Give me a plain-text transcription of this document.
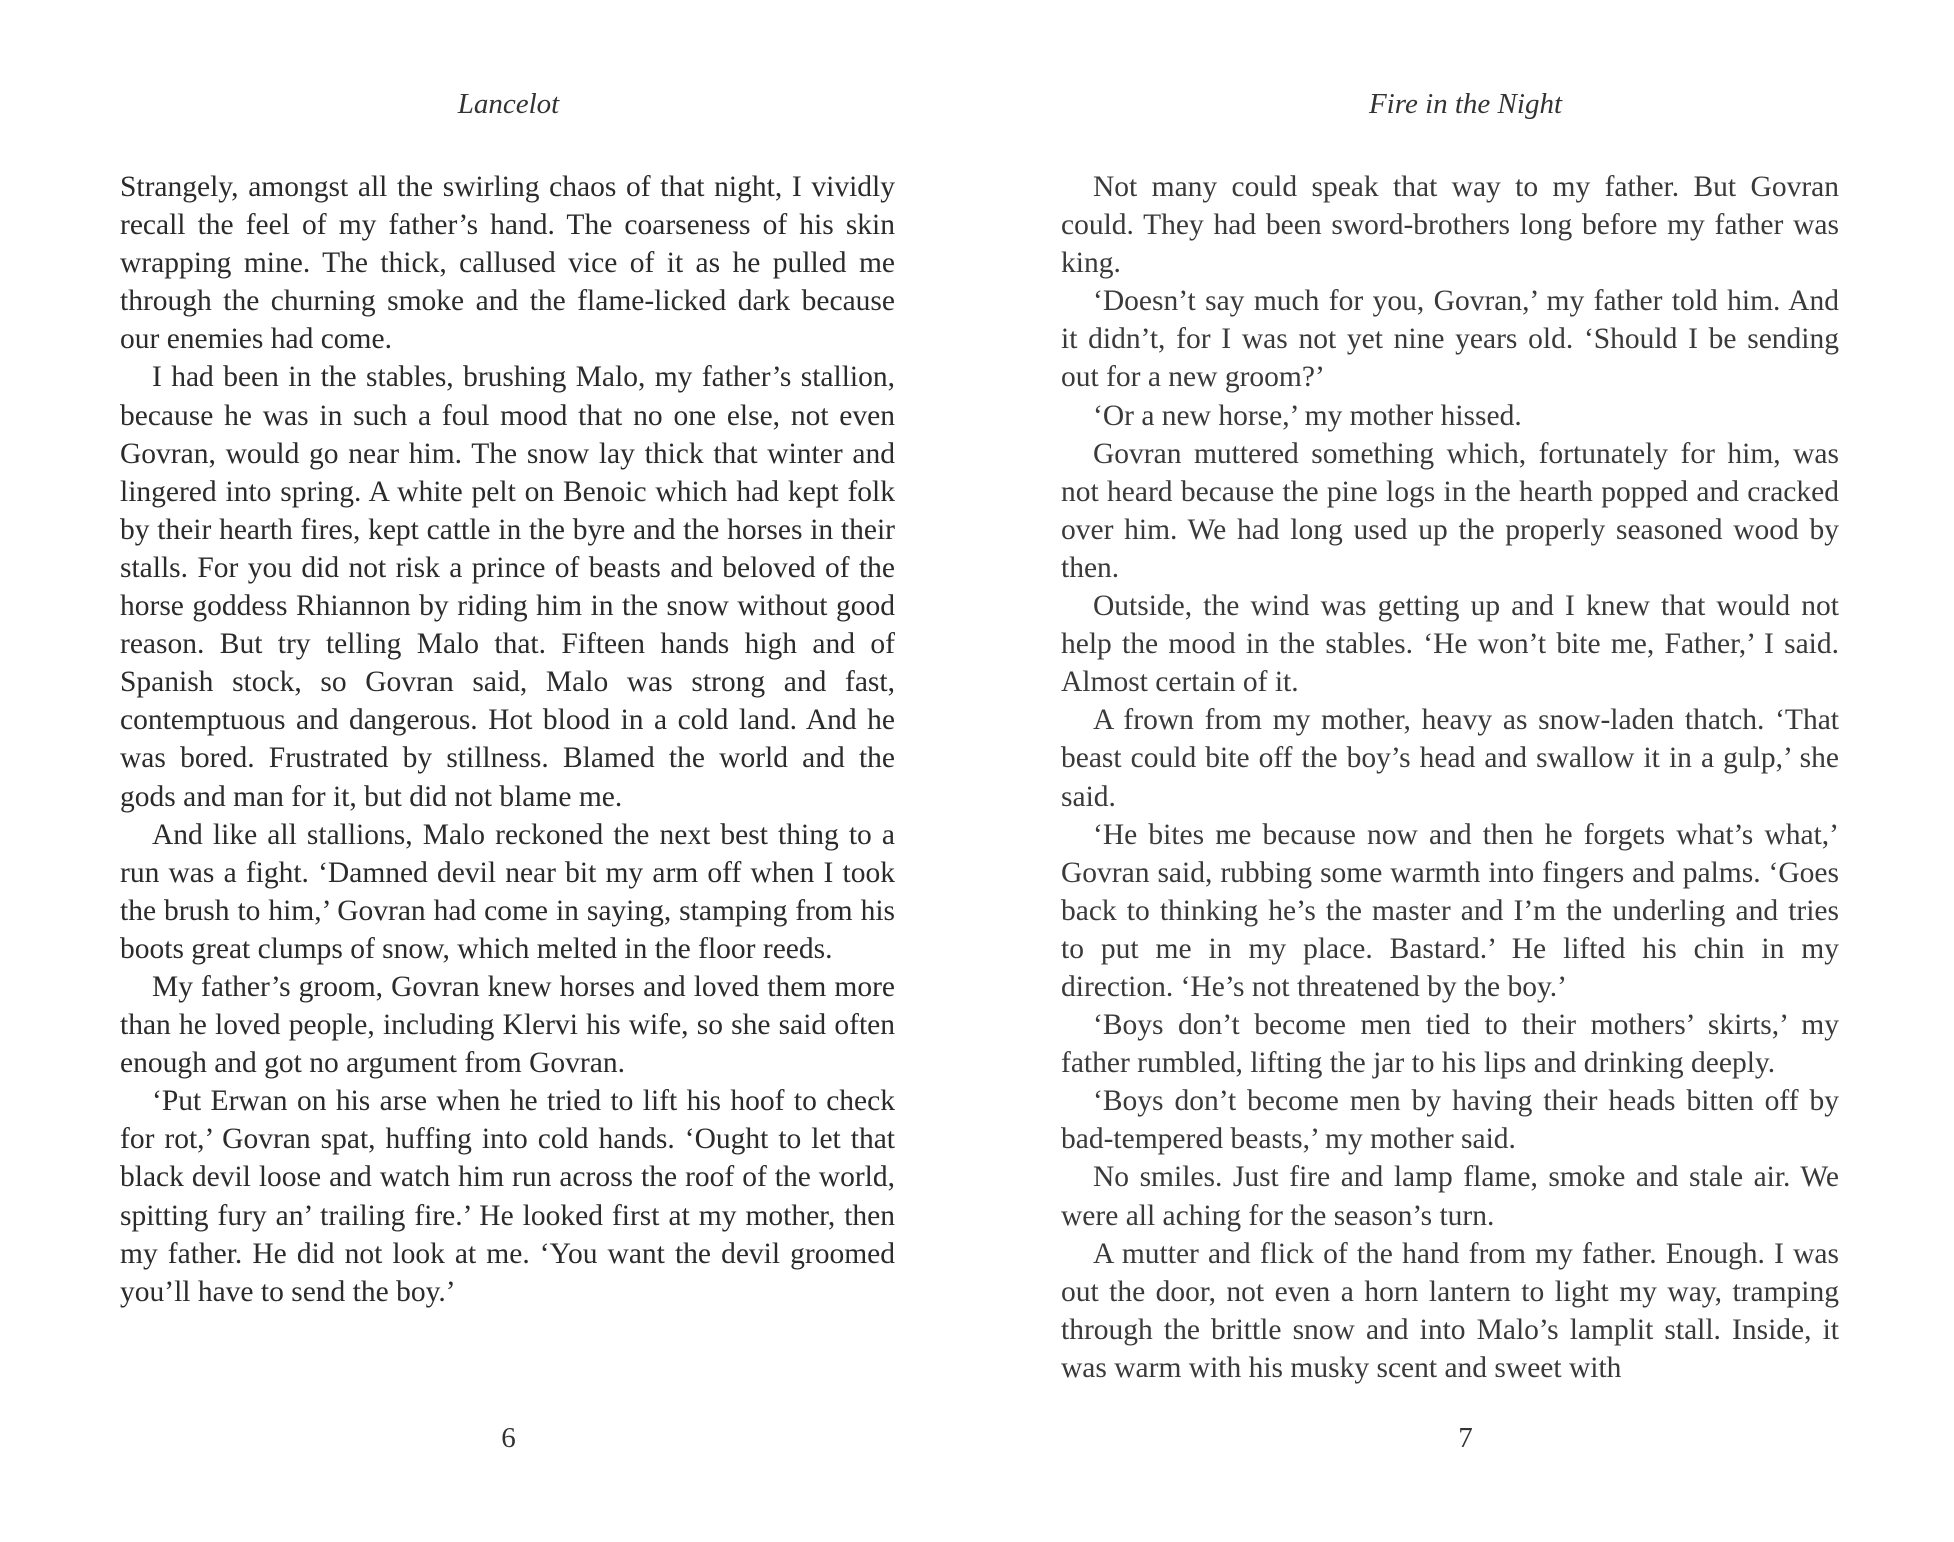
Lancelot

Strangely, amongst all the swirling chaos of that night, I vividly recall the feel of my father’s hand. The coarseness of his skin wrapping mine. The thick, callused vice of it as he pulled me through the churning smoke and the flame-licked dark because our enemies had come.

I had been in the stables, brushing Malo, my father’s stallion, because he was in such a foul mood that no one else, not even Govran, would go near him. The snow lay thick that winter and lingered into spring. A white pelt on Benoic which had kept folk by their hearth fires, kept cattle in the byre and the horses in their stalls. For you did not risk a prince of beasts and beloved of the horse goddess Rhiannon by riding him in the snow without good reason. But try telling Malo that. Fifteen hands high and of Spanish stock, so Govran said, Malo was strong and fast, contemptuous and dangerous. Hot blood in a cold land. And he was bored. Frustrated by stillness. Blamed the world and the gods and man for it, but did not blame me.

And like all stallions, Malo reckoned the next best thing to a run was a fight. ‘Damned devil near bit my arm off when I took the brush to him,’ Govran had come in saying, stamping from his boots great clumps of snow, which melted in the floor reeds.

My father’s groom, Govran knew horses and loved them more than he loved people, including Klervi his wife, so she said often enough and got no argument from Govran.

‘Put Erwan on his arse when he tried to lift his hoof to check for rot,’ Govran spat, huffing into cold hands. ‘Ought to let that black devil loose and watch him run across the roof of the world, spitting fury an’ trailing fire.’ He looked first at my mother, then my father. He did not look at me. ‘You want the devil groomed you’ll have to send the boy.’

6
Fire in the Night

Not many could speak that way to my father. But Govran could. They had been sword-brothers long before my father was king.

‘Doesn’t say much for you, Govran,’ my father told him. And it didn’t, for I was not yet nine years old. ‘Should I be sending out for a new groom?’

‘Or a new horse,’ my mother hissed.

Govran muttered something which, fortunately for him, was not heard because the pine logs in the hearth popped and cracked over him. We had long used up the properly seasoned wood by then.

Outside, the wind was getting up and I knew that would not help the mood in the stables. ‘He won’t bite me, Father,’ I said. Almost certain of it.

A frown from my mother, heavy as snow-laden thatch. ‘That beast could bite off the boy’s head and swallow it in a gulp,’ she said.

‘He bites me because now and then he forgets what’s what,’ Govran said, rubbing some warmth into fingers and palms. ‘Goes back to thinking he’s the master and I’m the underling and tries to put me in my place. Bastard.’ He lifted his chin in my direction. ‘He’s not threatened by the boy.’

‘Boys don’t become men tied to their mothers’ skirts,’ my father rumbled, lifting the jar to his lips and drinking deeply.

‘Boys don’t become men by having their heads bitten off by bad-tempered beasts,’ my mother said.

No smiles. Just fire and lamp flame, smoke and stale air. We were all aching for the season’s turn.

A mutter and flick of the hand from my father. Enough. I was out the door, not even a horn lantern to light my way, tramping through the brittle snow and into Malo’s lamplit stall. Inside, it was warm with his musky scent and sweet with

7
